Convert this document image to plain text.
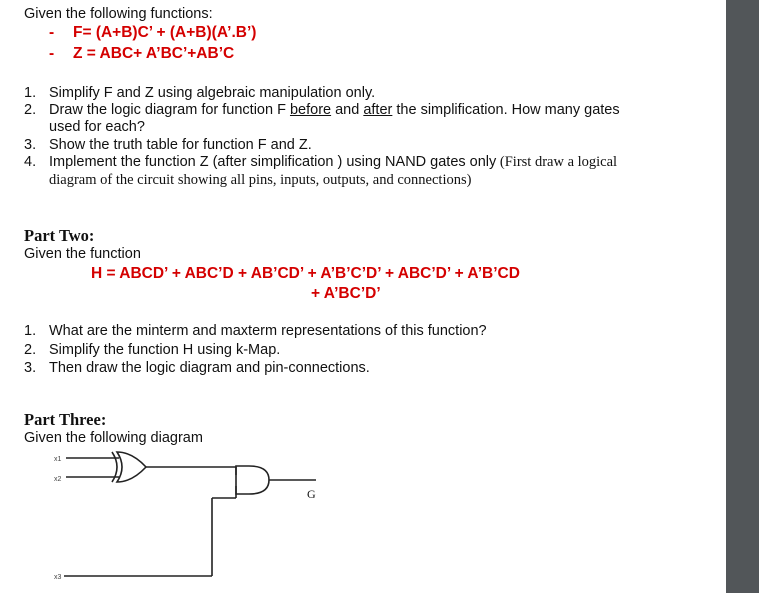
Given the following functions:
- F= (A+B)C’ + (A+B)(A’.B’)
- Z = ABC+ A’BC’+AB’C
1. Simplify F and Z using algebraic manipulation only.
2. Draw the logic diagram for function F before and after the simplification. How many gates
used for each?
3. Show the truth table for function F and Z.
4. Implement the function Z (after simplification ) using NAND gates only (First draw a logical
diagram of the circuit showing all pins, inputs, outputs, and connections)
Part Two:
Given the function
H = ABCD’ + ABC’D + AB’CD’ + A’B’C’D’ + ABC’D’ + A’B’CD
+ A’BC’D’
1. What are the minterm and maxterm representations of this function?
2. Simplify the function H using k-Map.
3. Then draw the logic diagram and pin-connections.
Part Three:
Given the following diagram
x1
x2
x3
G
